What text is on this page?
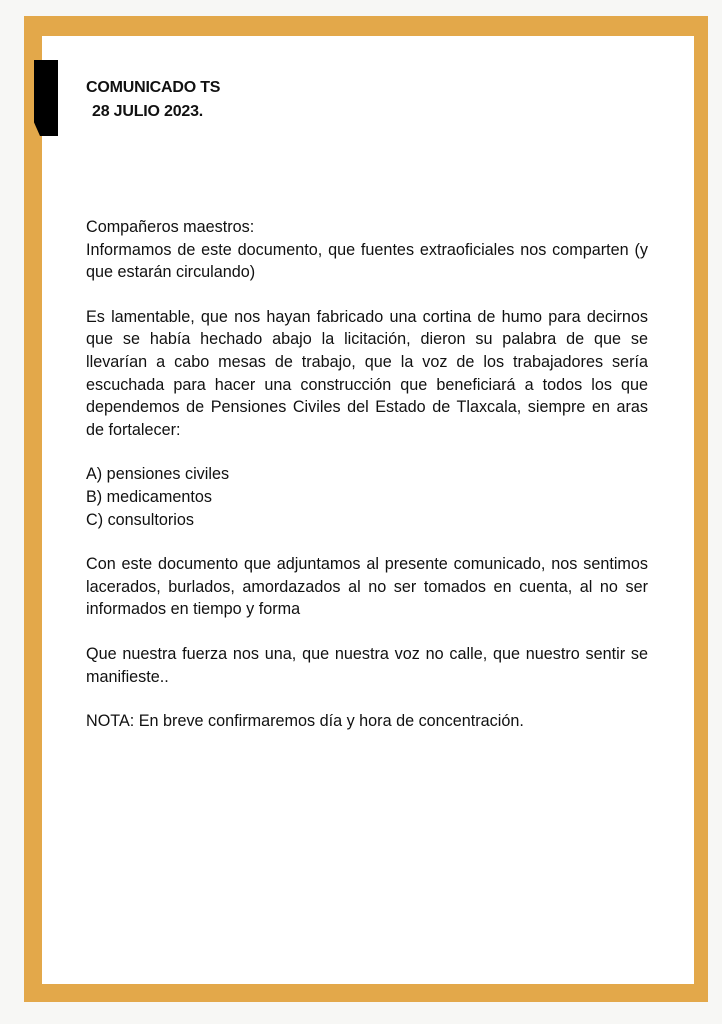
COMUNICADO TS
28 JULIO 2023.

Compañeros maestros:

Informamos de este documento, que fuentes extraoficiales nos comparten (y que estarán circulando)

Es lamentable, que nos hayan fabricado una cortina de humo para decirnos que se había hechado abajo la licitación, dieron su palabra de que se llevarían a cabo mesas de trabajo, que la voz de los trabajadores sería escuchada para hacer una construcción que beneficiará a todos los que dependemos de Pensiones Civiles del Estado de Tlaxcala, siempre en aras de fortalecer:

A) pensiones civiles

B) medicamentos

C) consultorios

Con este documento que adjuntamos al presente comunicado, nos sentimos lacerados, burlados, amordazados al no ser tomados en cuenta, al no ser informados en tiempo y forma

Que nuestra fuerza nos una, que nuestra voz no calle, que nuestro sentir se manifieste..

NOTA: En breve confirmaremos día y hora de concentración.
